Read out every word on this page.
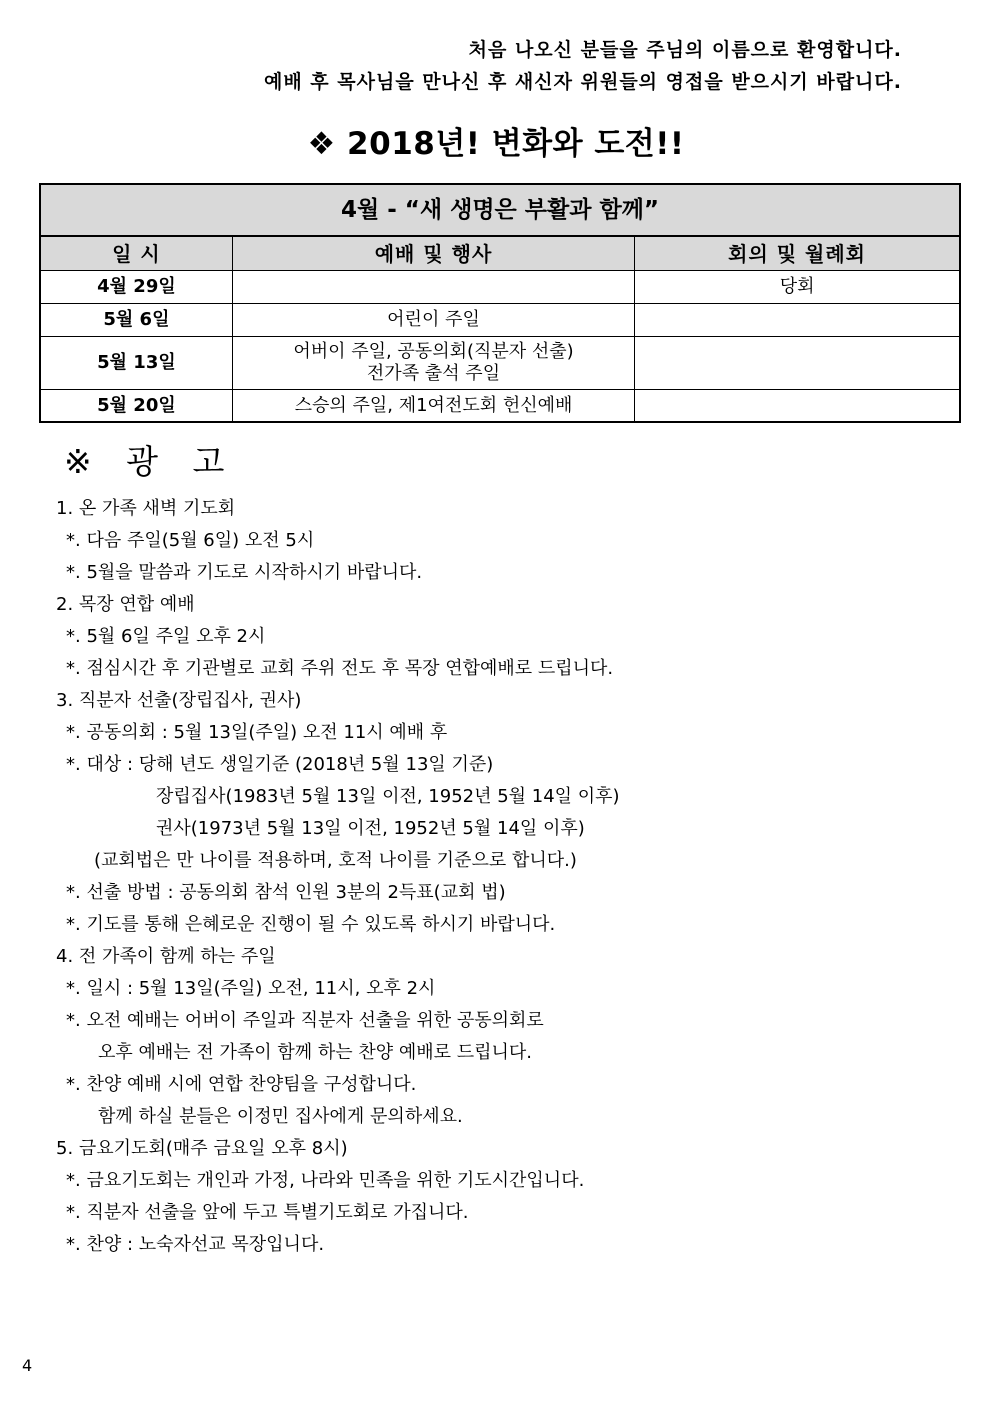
처음 나오신 분들을 주님의 이름으로 환영합니다.
예배 후 목사님을 만나신 후 새신자 위원들의 영접을 받으시기 바랍니다.
❖ 2018년! 변화와 도전!!
4월 - “새 생명은 부활과 함께”		
일 시	예배 및 행사	회의 및 월례회
4월 29일		당회
5월 6일	어린이 주일	
5월 13일	어버이 주일, 공동의회(직분자 선출)
전가족 출석 주일	

5월 20일	스승의 주일, 제1여전도회 헌신예배	
※ 광 고
1. 온 가족 새벽 기도회
*. 다음 주일(5월 6일) 오전 5시
*. 5월을 말씀과 기도로 시작하시기 바랍니다.
2. 목장 연합 예배
*. 5월 6일 주일 오후 2시
*. 점심시간 후 기관별로 교회 주위 전도 후 목장 연합예배로 드립니다.
3. 직분자 선출(장립집사, 권사)
*. 공동의회 : 5월 13일(주일) 오전 11시 예배 후
*. 대상 : 당해 년도 생일기준 (2018년 5월 13일 기준)
장립집사(1983년 5월 13일 이전, 1952년 5월 14일 이후)
권사(1973년 5월 13일 이전, 1952년 5월 14일 이후)
(교회법은 만 나이를 적용하며, 호적 나이를 기준으로 합니다.)
*. 선출 방법 : 공동의회 참석 인원 3분의 2득표(교회 법)
*. 기도를 통해 은혜로운 진행이 될 수 있도록 하시기 바랍니다.
4. 전 가족이 함께 하는 주일
*. 일시 : 5월 13일(주일) 오전, 11시, 오후 2시
*. 오전 예배는 어버이 주일과 직분자 선출을 위한 공동의회로
오후 예배는 전 가족이 함께 하는 찬양 예배로 드립니다.
*. 찬양 예배 시에 연합 찬양팀을 구성합니다.
함께 하실 분들은 이정민 집사에게 문의하세요.
5. 금요기도회(매주 금요일 오후 8시)
*. 금요기도회는 개인과 가정, 나라와 민족을 위한 기도시간입니다.
*. 직분자 선출을 앞에 두고 특별기도회로 가집니다.
*. 찬양 : 노숙자선교 목장입니다.
4
